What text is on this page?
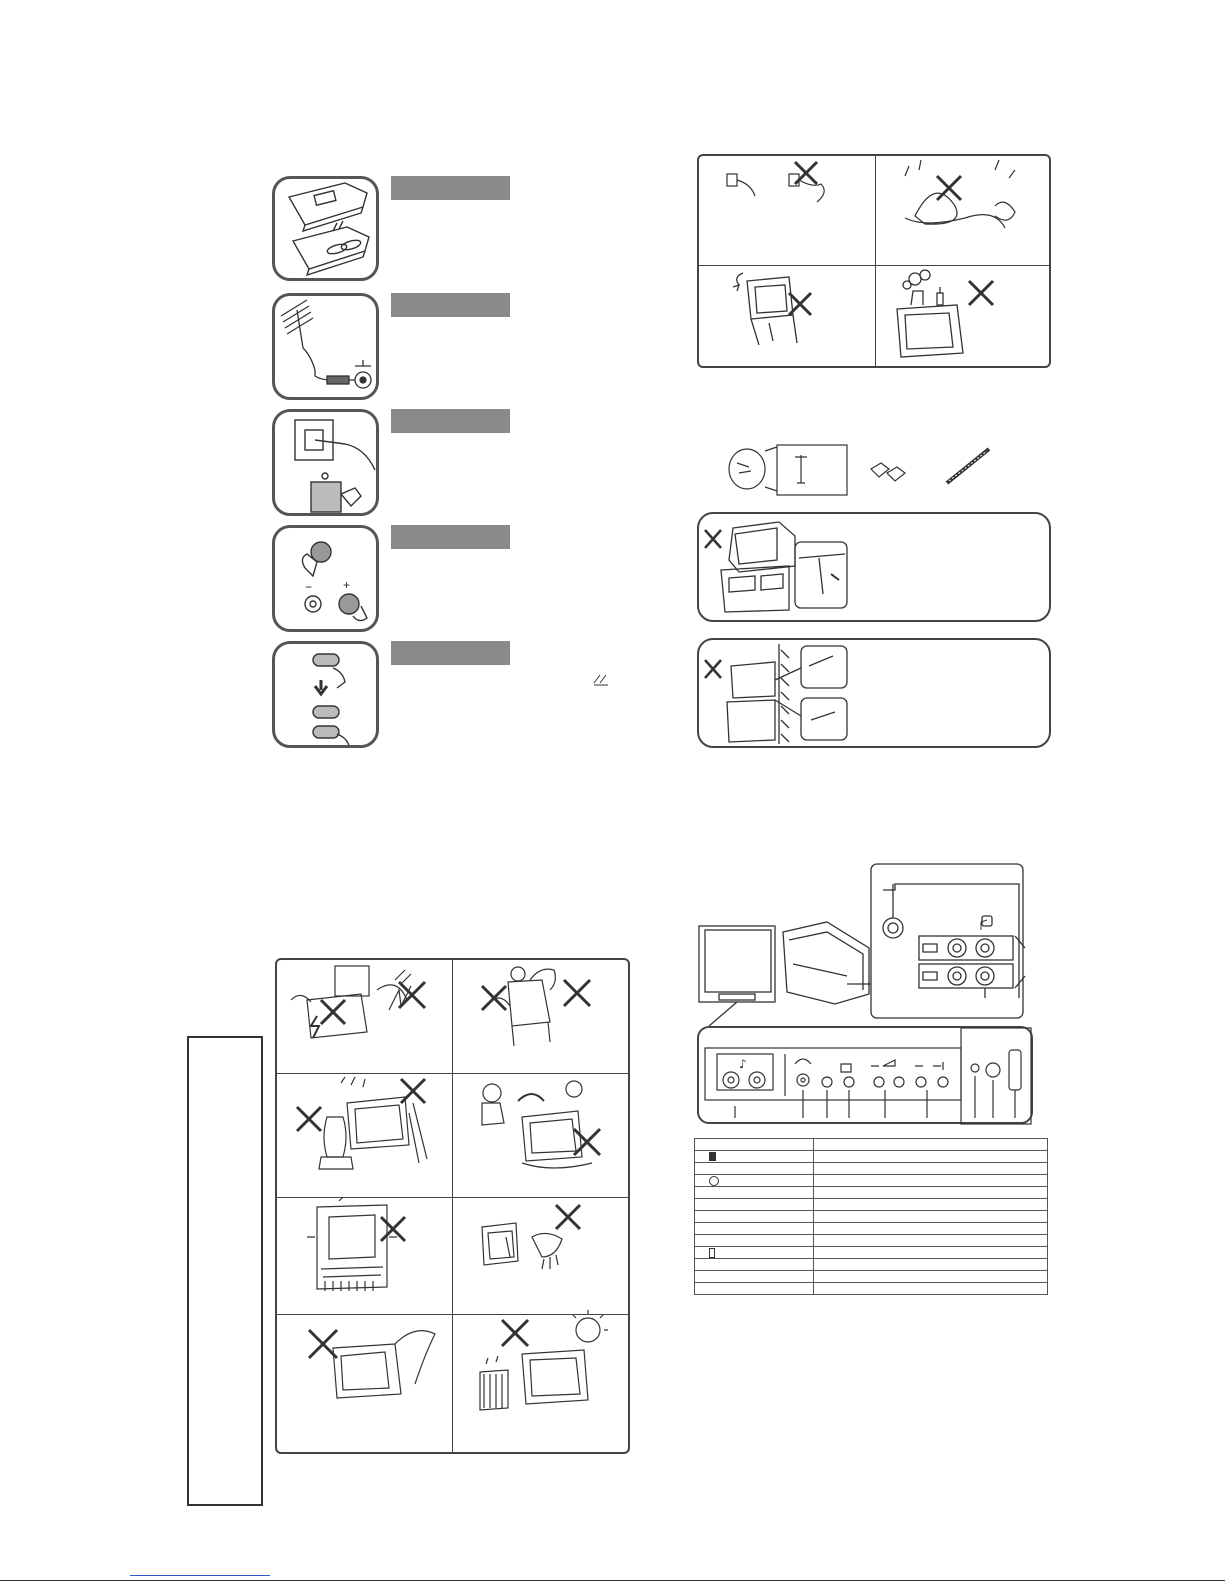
−	+
♪
